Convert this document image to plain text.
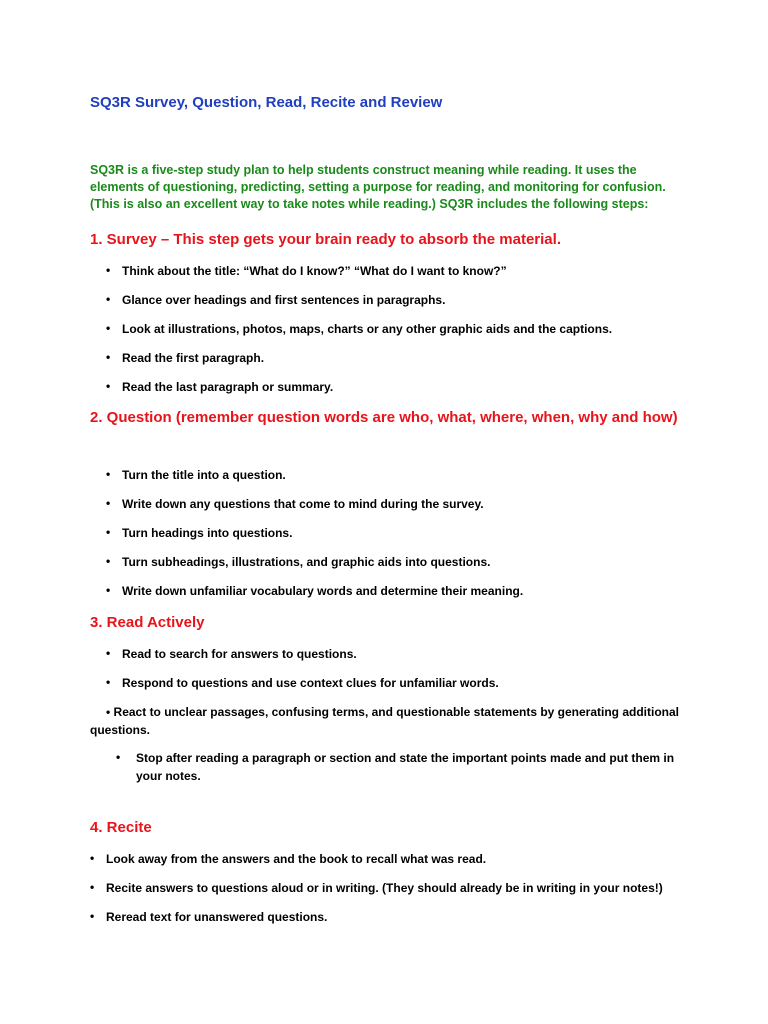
SQ3R Survey, Question, Read, Recite and Review
SQ3R is a five-step study plan to help students construct meaning while reading. It uses the elements of questioning, predicting, setting a purpose for reading, and monitoring for confusion. (This is also an excellent way to take notes while reading.) SQ3R includes the following steps:
1. Survey – This step gets your brain ready to absorb the material.
• Think about the title: “What do I know?” “What do I want to know?”
• Glance over headings and first sentences in paragraphs.
• Look at illustrations, photos, maps, charts or any other graphic aids and the captions.
• Read the first paragraph.
• Read the last paragraph or summary.
2. Question (remember question words are who, what, where, when, why and how)
• Turn the title into a question.
• Write down any questions that come to mind during the survey.
• Turn headings into questions.
• Turn subheadings, illustrations, and graphic aids into questions.
• Write down unfamiliar vocabulary words and determine their meaning.
3. Read Actively
• Read to search for answers to questions.
• Respond to questions and use context clues for unfamiliar words.
• React to unclear passages, confusing terms, and questionable statements by generating additional questions.
• Stop after reading a paragraph or section and state the important points made and put them in your notes.
4. Recite
• Look away from the answers and the book to recall what was read.
• Recite answers to questions aloud or in writing. (They should already be in writing in your notes!)
• Reread text for unanswered questions.
